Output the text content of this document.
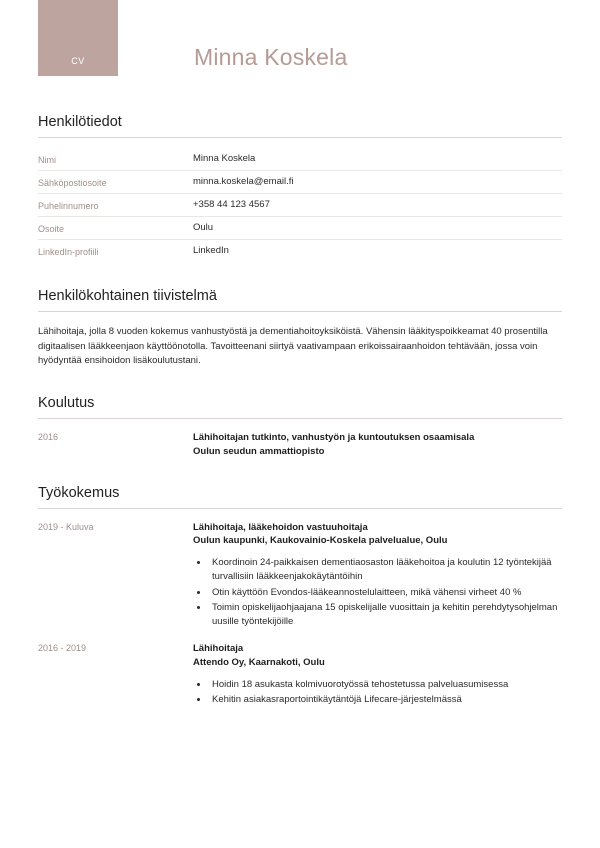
CV	Minna Koskela
Henkilötiedot
Nimi	Minna Koskela
Sähköpostiosoite	minna.koskela@email.fi
Puhelinnumero	+358 44 123 4567
Osoite	Oulu
LinkedIn-profiili	LinkedIn
Henkilökohtainen tiivistelmä

Lähihoitaja, jolla 8 vuoden kokemus vanhustyöstä ja dementiahoitoyksiköistä. Vähensin lääkityspoikkeamat 40 prosentilla digitaalisen lääkkeenjaon käyttöönotolla. Tavoitteenani siirtyä vaativampaan erikoissairaanhoidon tehtävään, jossa voin hyödyntää ensihoidon lisäkoulutustani.

Koulutus
2016	Lähihoitajan tutkinto, vanhustyön ja kuntoutuksen osaamisala
Oulun seudun ammattiopisto
Työkokemus
2019 - Kuluva	Lähihoitaja, lääkehoidon vastuuhoitaja
Oulun kaupunki, Kaukovainio-Koskela palvelualue, Oulu
• Koordinoin 24-paikkaisen dementiaosaston lääkehoitoa ja koulutin 12 työntekijää turvallisiin lääkkeenjakokäytäntöihin
• Otin käyttöön Evondos-lääkeannostelulaitteen, mikä vähensi virheet 40 %
• Toimin opiskelijaohjaajana 15 opiskelijalle vuosittain ja kehitin perehdytysohjelman uusille työntekijöille
2016 - 2019	Lähihoitaja
Attendo Oy, Kaarnakoti, Oulu
• Hoidin 18 asukasta kolmivuorotyössä tehostetussa palveluasumisessa
• Kehitin asiakasraportointikäytäntöjä Lifecare-järjestelmässä
